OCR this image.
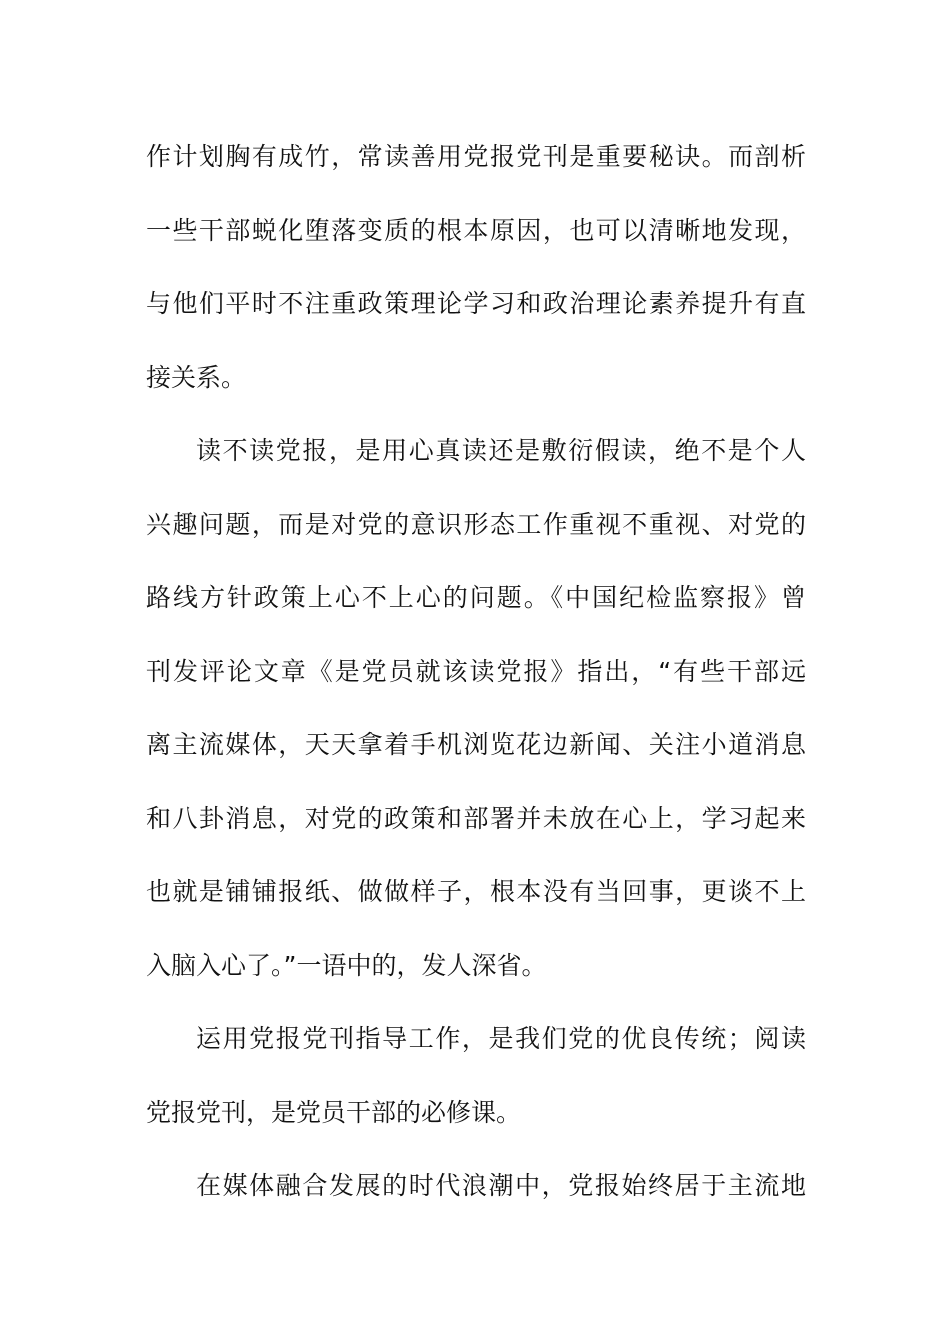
作计划胸有成竹，常读善用党报党刊是重要秘诀。而剖析
一些干部蜕化堕落变质的根本原因，也可以清晰地发现，
与他们平时不注重政策理论学习和政治理论素养提升有直
接关系。
读不读党报，是用心真读还是敷衍假读，绝不是个人
兴趣问题，而是对党的意识形态工作重视不重视、对党的
路线方针政策上心不上心的问题。《中国纪检监察报》曾
刊发评论文章《是党员就该读党报》指出，“有些干部远
离主流媒体，天天拿着手机浏览花边新闻、关注小道消息
和八卦消息，对党的政策和部署并未放在心上，学习起来
也就是铺铺报纸、做做样子，根本没有当回事，更谈不上
入脑入心了。”一语中的，发人深省。
运用党报党刊指导工作，是我们党的优良传统；阅读
党报党刊，是党员干部的必修课。
在媒体融合发展的时代浪潮中，党报始终居于主流地
